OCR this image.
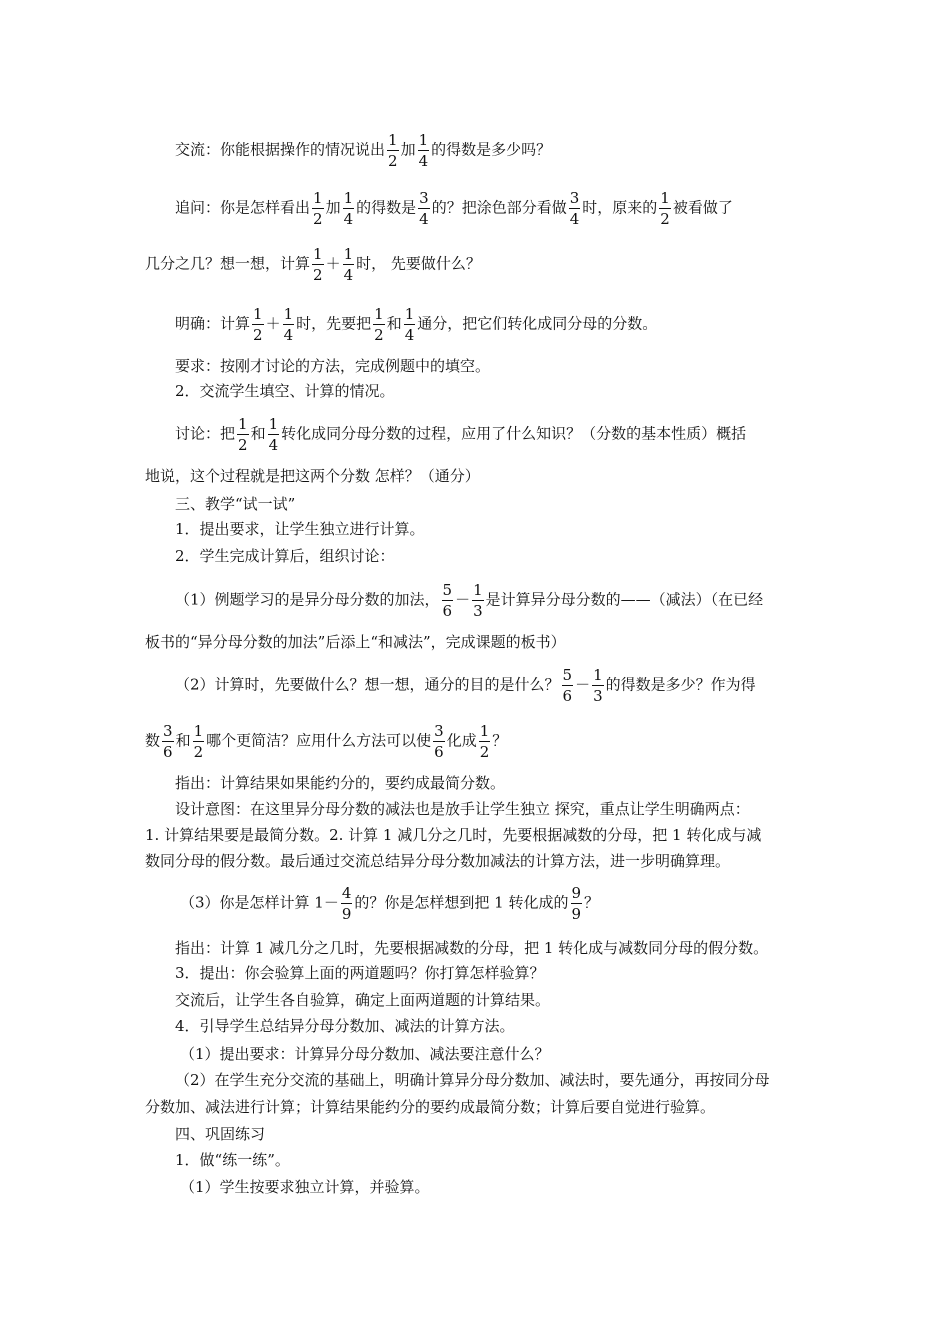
交流：你能根据操作的情况说出 $\frac{1}{2}$ 加 $\frac{1}{4}$ 的得数是多少吗？
追问：你是怎样看出 $\frac{1}{2}$ 加 $\frac{1}{4}$ 的得数是 $\frac{3}{4}$ 的？把涂色部分看做 $\frac{3}{4}$ 时，原来的 $\frac{1}{2}$ 被看做了
几分之几？想一想，计算 $\frac{1}{2} + \frac{1}{4}$ 时， 先要做什么？
明确：计算 $\frac{1}{2} + \frac{1}{4}$ 时，先要把 $\frac{1}{2}$ 和 $\frac{1}{4}$ 通分，把它们转化成同分母的分数。
要求：按刚才讨论的方法，完成例题中的填空。
2．交流学生填空、计算的情况。
讨论：把 $\frac{1}{2}$ 和 $\frac{1}{4}$ 转化成同分母分数的过程，应用了什么知识？（分数的基本性质）概括
地说，这个过程就是把这两个分数 怎样？（通分）
三、教学“试一试”
1．提出要求，让学生独立进行计算。
2．学生完成计算后，组织讨论：
（1）例题学习的是异分母分数的加法， $\frac{5}{6} - \frac{1}{3}$ 是计算异分母分数的——（减法）（在已经
板书的“异分母分数的加法”后添上“和减法”，完成课题的板书）
（2）计算时，先要做什么？想一想，通分的目的是什么？ $\frac{5}{6} - \frac{1}{3}$ 的得数是多少？作为得
数 $\frac{3}{6}$ 和 $\frac{1}{2}$ 哪个更简洁？应用什么方法可以使 $\frac{3}{6}$ 化成 $\frac{1}{2}$ ？
指出：计算结果如果能约分的，要约成最简分数。
设计意图：在这里异分母分数的减法也是放手让学生独立 探究，重点让学生明确两点：
1. 计算结果要是最简分数。2. 计算 1 减几分之几时，先要根据减数的分母，把 1 转化成与减
数同分母的假分数。最后通过交流总结异分母分数加减法的计算方法，进一步明确算理。
（3）你是怎样计算 $1- \frac{4}{9}$ 的？你是怎样想到把 1 转化成的 $\frac{9}{9}$ ？
指出：计算 1 减几分之几时，先要根据减数的分母，把 1 转化成与减数同分母的假分数。
3．提出：你会验算上面的两道题吗？你打算怎样验算？
交流后，让学生各自验算，确定上面两道题的计算结果。
4．引导学生总结异分母分数加、减法的计算方法。
（1）提出要求：计算异分母分数加、减法要注意什么？
（2）在学生充分交流的基础上，明确计算异分母分数加、减法时，要先通分，再按同分母
分数加、减法进行计算；计算结果能约分的要约成最简分数；计算后要自觉进行验算。
四、巩固练习
1．做“练一练”。
（1）学生按要求独立计算，并验算。
